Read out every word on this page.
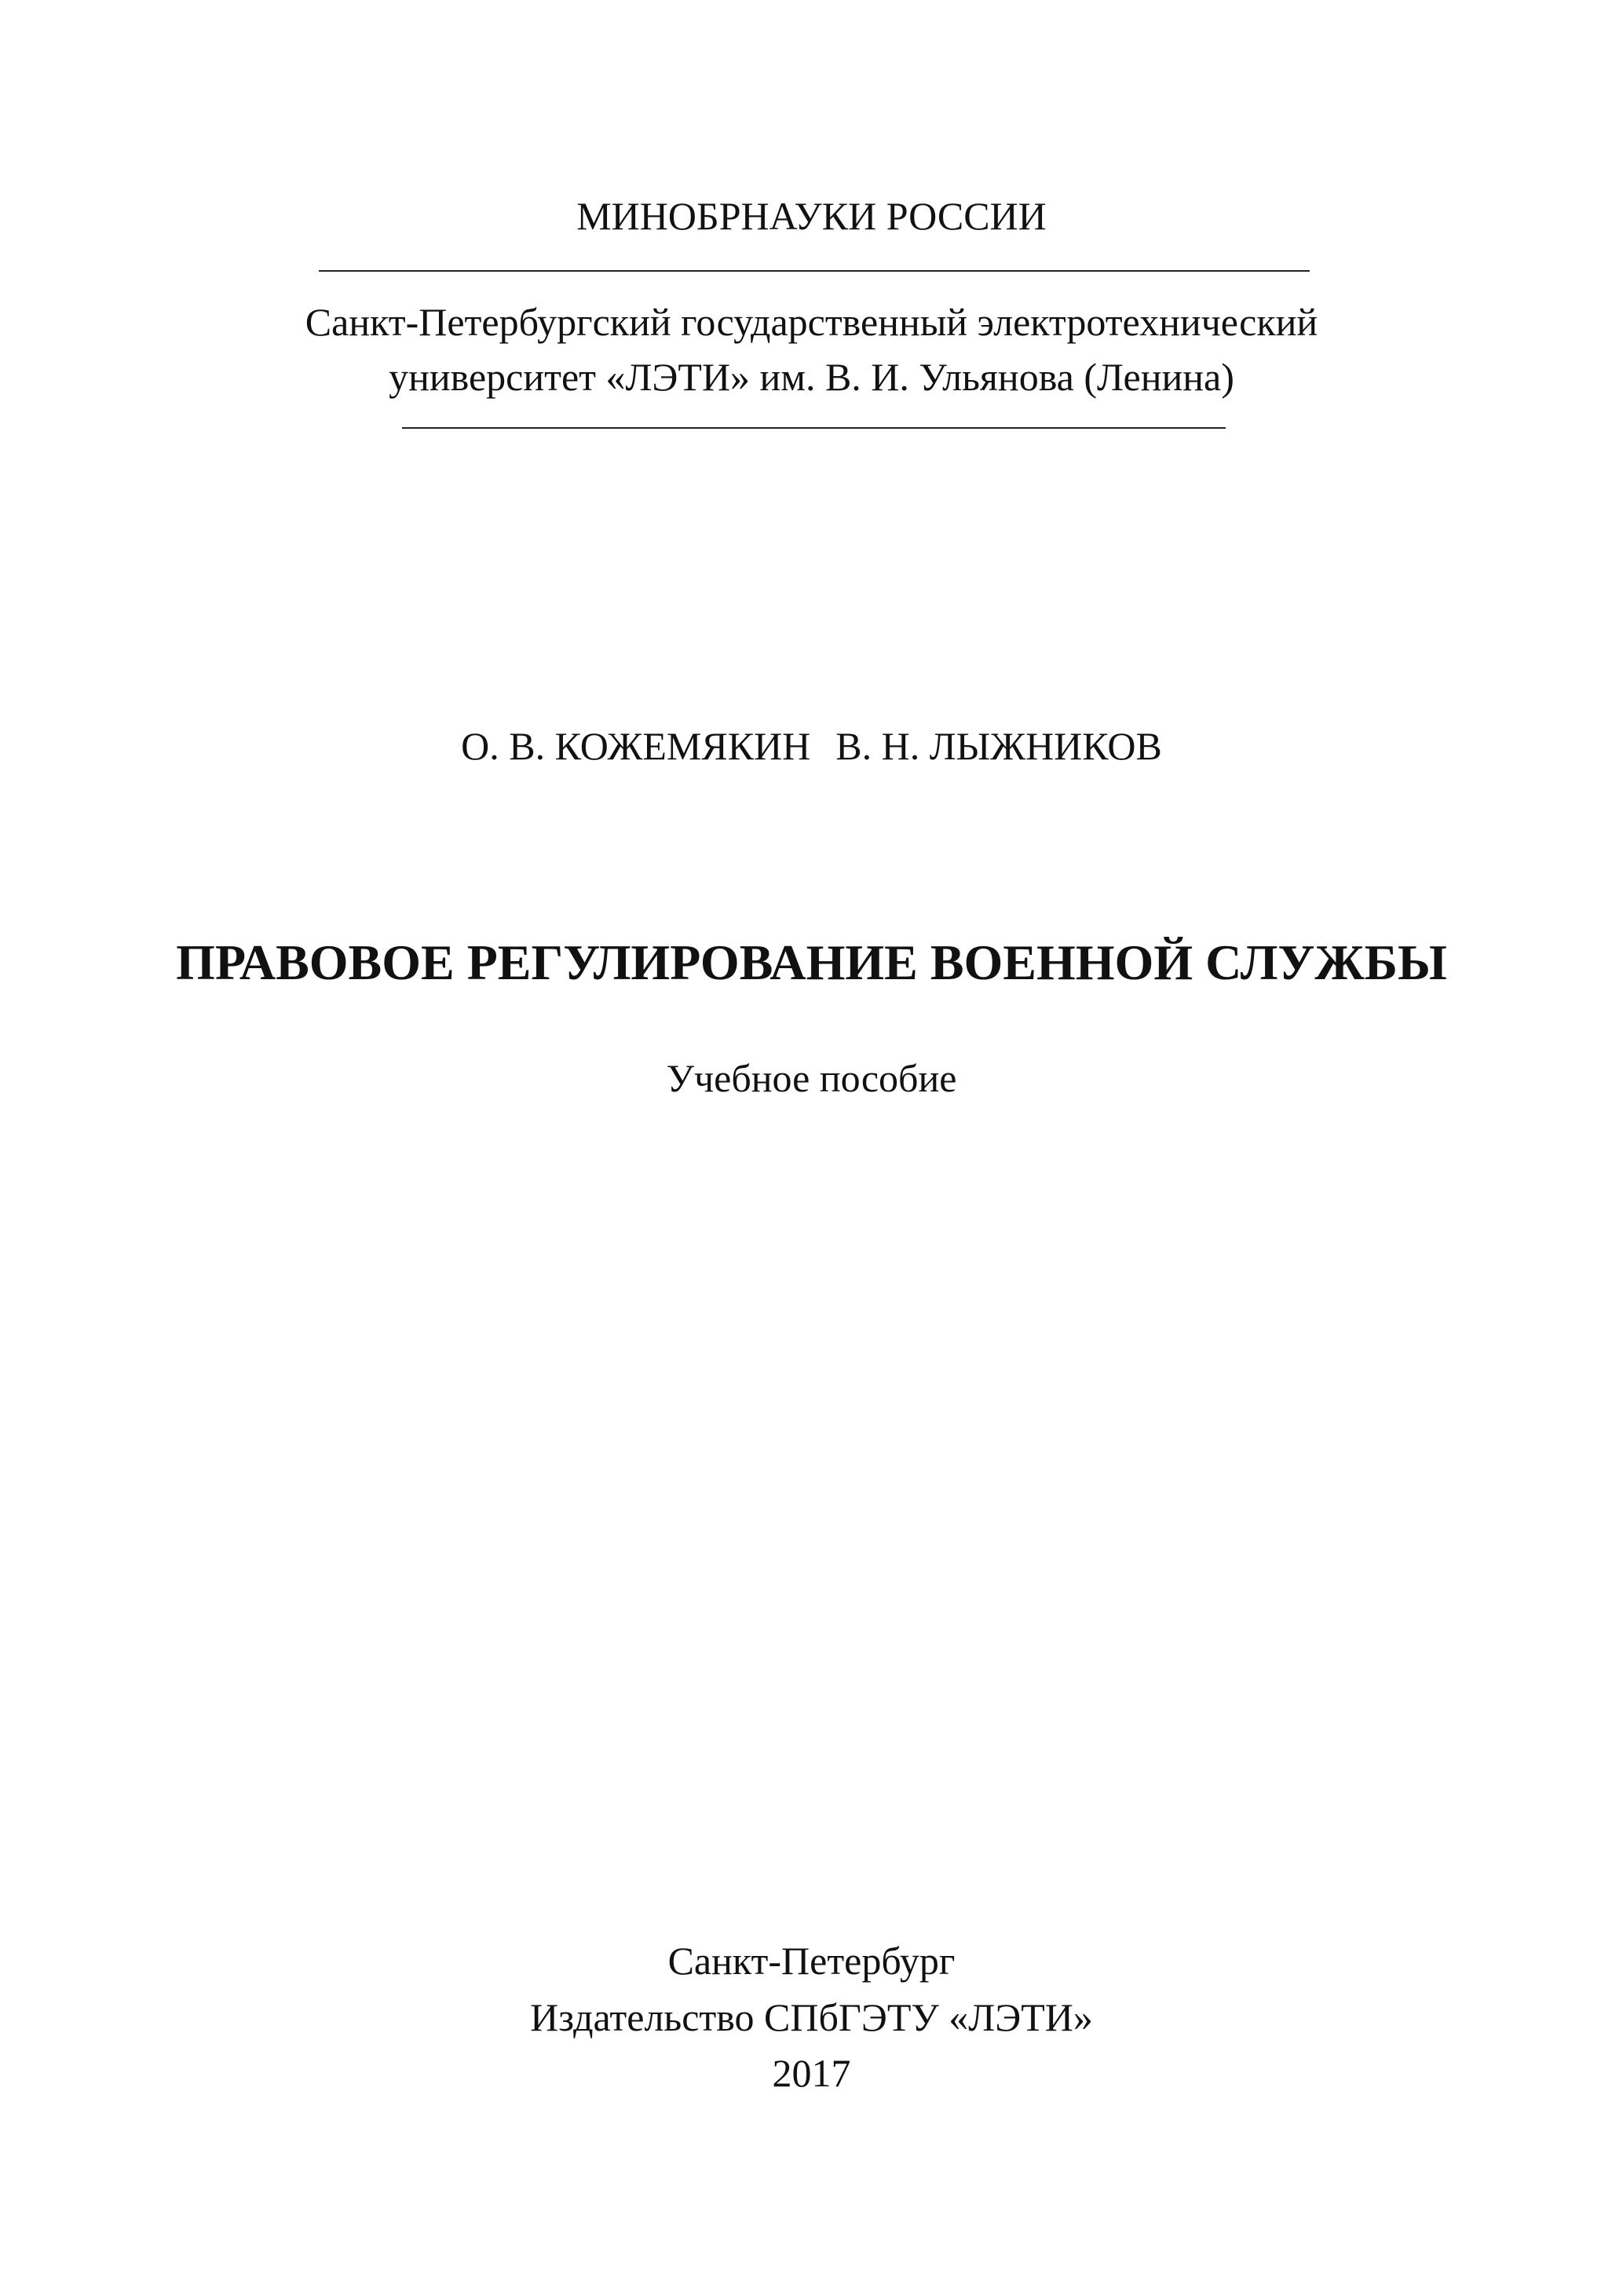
МИНОБРНАУКИ РОССИИ
Санкт-Петербургский государственный электротехнический
университет «ЛЭТИ» им. В. И. Ульянова (Ленина)
О. В. КОЖЕМЯКИН В. Н. ЛЫЖНИКОВ
ПРАВОВОЕ РЕГУЛИРОВАНИЕ ВОЕННОЙ СЛУЖБЫ
Учебное пособие
Санкт-Петербург
Издательство СПбГЭТУ «ЛЭТИ»
2017
